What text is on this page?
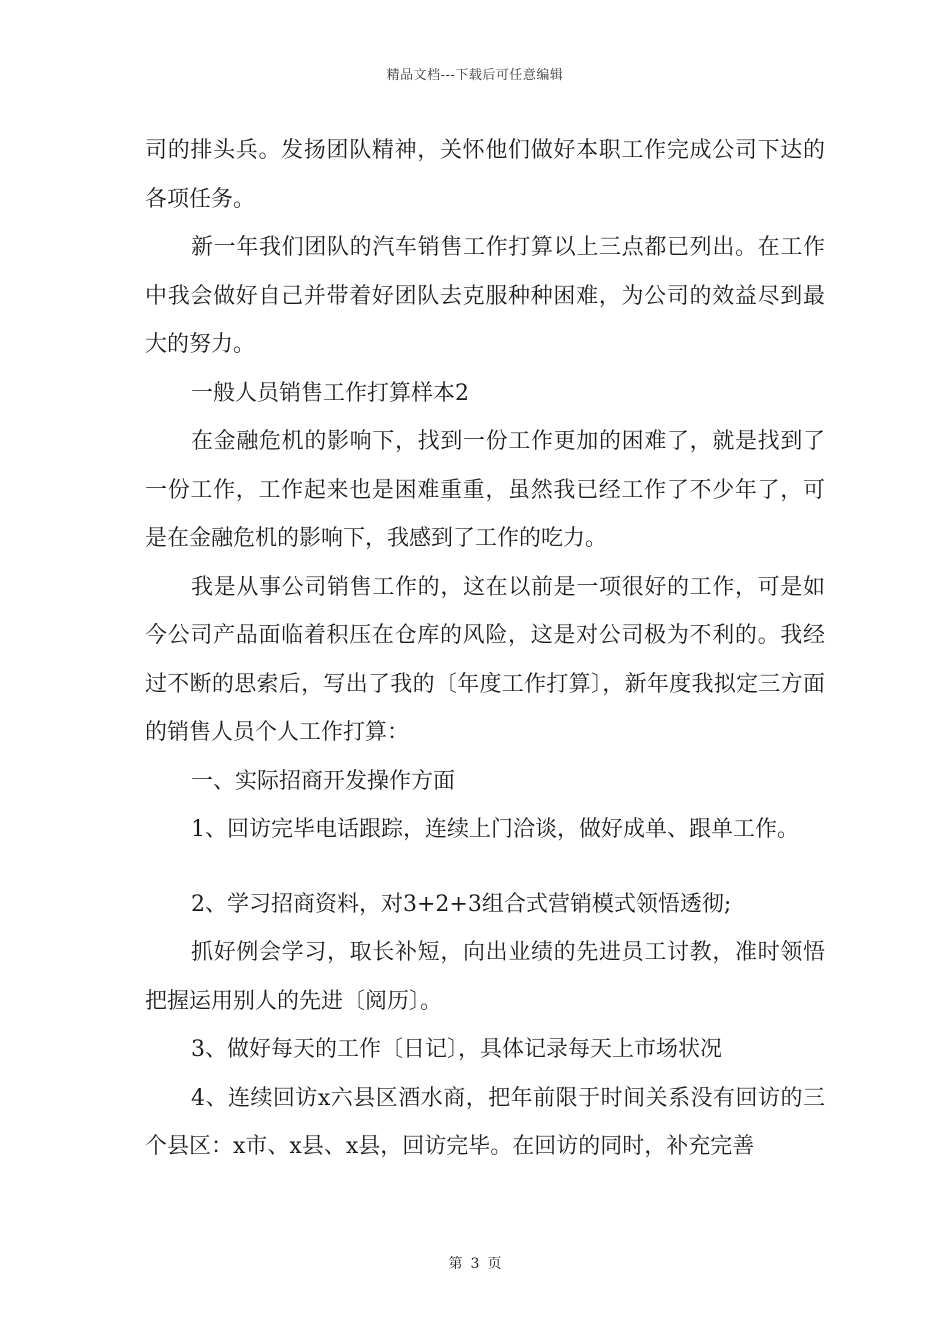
精品文档---下载后可任意编辑

司的排头兵。发扬团队精神，关怀他们做好本职工作完成公司下达的各项任务。

新一年我们团队的汽车销售工作打算以上三点都已列出。在工作中我会做好自己并带着好团队去克服种种困难，为公司的效益尽到最大的努力。

一般人员销售工作打算样本2

在金融危机的影响下，找到一份工作更加的困难了，就是找到了一份工作，工作起来也是困难重重，虽然我已经工作了不少年了，可是在金融危机的影响下，我感到了工作的吃力。

我是从事公司销售工作的，这在以前是一项很好的工作，可是如今公司产品面临着积压在仓库的风险，这是对公司极为不利的。我经过不断的思索后，写出了我的〔年度工作打算〕，新年度我拟定三方面的销售人员个人工作打算：

一、实际招商开发操作方面

1、回访完毕电话跟踪，连续上门洽谈，做好成单、跟单工作。

2、学习招商资料，对3+2+3组合式营销模式领悟透彻;

抓好例会学习，取长补短，向出业绩的先进员工讨教，准时领悟把握运用别人的先进〔阅历〕。

3、做好每天的工作〔日记〕，具体记录每天上市场状况

4、连续回访x六县区酒水商，把年前限于时间关系没有回访的三个县区：x市、x县、x县，回访完毕。在回访的同时，补充完善

第 3 页
